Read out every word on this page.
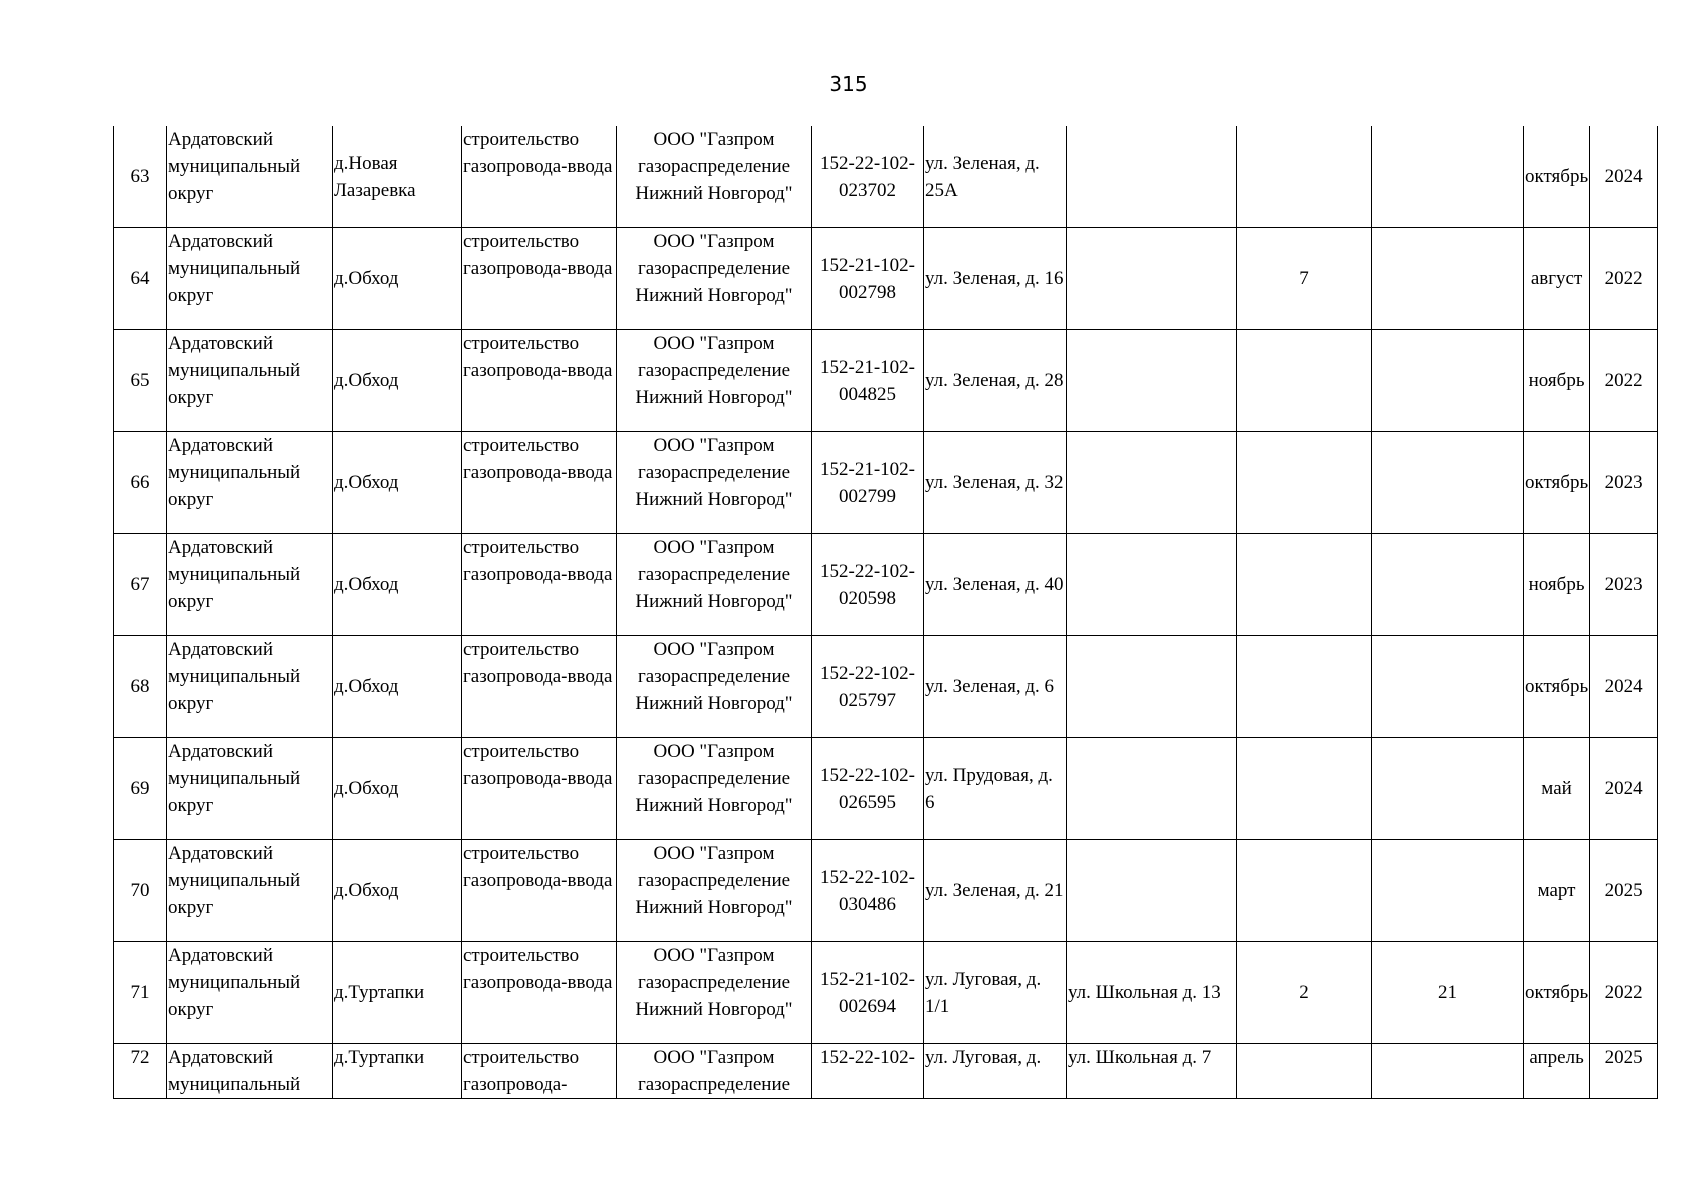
315
63	Ардатовский муниципальный округ	д.Новая Лазаревка	строительство газопровода-ввода	ООО "Газпром газораспределение Нижний Новгород"	152-22-102-023702	ул. Зеленая, д. 25А				октябрь	2024
64	Ардатовский муниципальный округ	д.Обход	строительство газопровода-ввода	ООО "Газпром газораспределение Нижний Новгород"	152-21-102-002798	ул. Зеленая, д. 16		7		август	2022
65	Ардатовский муниципальный округ	д.Обход	строительство газопровода-ввода	ООО "Газпром газораспределение Нижний Новгород"	152-21-102-004825	ул. Зеленая, д. 28				ноябрь	2022
66	Ардатовский муниципальный округ	д.Обход	строительство газопровода-ввода	ООО "Газпром газораспределение Нижний Новгород"	152-21-102-002799	ул. Зеленая, д. 32				октябрь	2023
67	Ардатовский муниципальный округ	д.Обход	строительство газопровода-ввода	ООО "Газпром газораспределение Нижний Новгород"	152-22-102-020598	ул. Зеленая, д. 40				ноябрь	2023
68	Ардатовский муниципальный округ	д.Обход	строительство газопровода-ввода	ООО "Газпром газораспределение Нижний Новгород"	152-22-102-025797	ул. Зеленая, д. 6				октябрь	2024
69	Ардатовский муниципальный округ	д.Обход	строительство газопровода-ввода	ООО "Газпром газораспределение Нижний Новгород"	152-22-102-026595	ул. Прудовая, д. 6				май	2024
70	Ардатовский муниципальный округ	д.Обход	строительство газопровода-ввода	ООО "Газпром газораспределение Нижний Новгород"	152-22-102-030486	ул. Зеленая, д. 21				март	2025
71	Ардатовский муниципальный округ	д.Туртапки	строительство газопровода-ввода	ООО "Газпром газораспределение Нижний Новгород"	152-21-102-002694	ул. Луговая, д. 1/1	ул. Школьная д. 13	2	21	октябрь	2022
72	Ардатовский муниципальный	д.Туртапки	строительство газопровода-	ООО "Газпром газораспределение	152-22-102-	ул. Луговая, д.	ул. Школьная д. 7			апрель	2025
